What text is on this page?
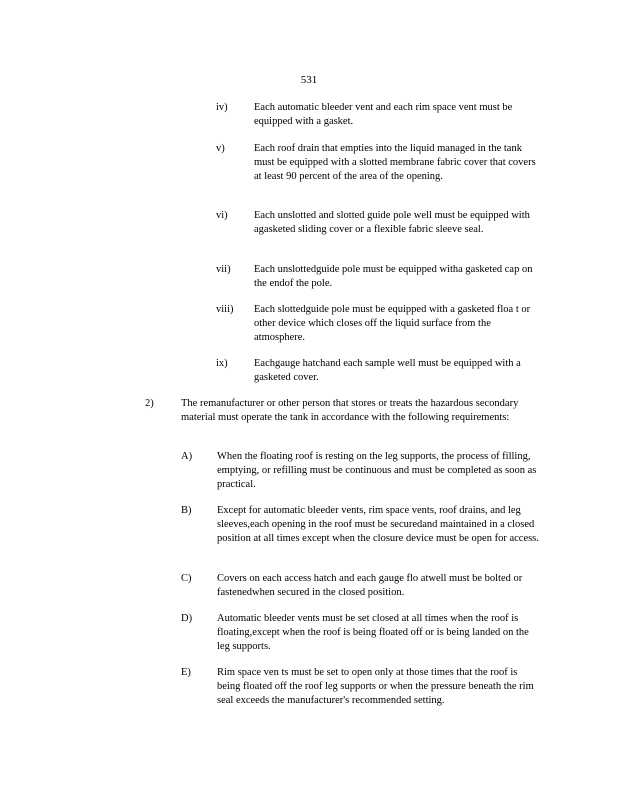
531
iv)	Each automatic bleeder vent and each rim space vent must be equipped with a gasket.
v)	Each roof drain that empties into the liquid managed in the tank must be equipped with a slotted membrane fabric cover that covers at least 90 percent of the area of the opening.
vi)	Each unslotted and slotted guide pole well must be equipped with agasketed sliding cover or a flexible fabric sleeve seal.
vii) Each unslottedguide pole must be equipped witha gasketed cap on the endof the pole.
viii) Each slottedguide pole must be equipped with a gasketed floa t or other device which closes off the liquid surface from the atmosphere.
ix)	Eachgauge hatchand each sample well must be equipped with a gasketed cover.
2)	The remanufacturer or other person that stores or treats the hazardous secondary material must operate the tank in accordance with the following requirements:
A) When the floating roof is resting on the leg supports, the process of filling, emptying, or refilling must be continuous and must be completed as soon as practical.
B) Except for automatic bleeder vents, rim space vents, roof drains, and leg sleeves,each opening in the roof must be securedand maintained in a closed position at all times except when the closure device must be open for access.
C) Covers on each access hatch and each gauge flo atwell must be bolted or fastenedwhen secured in the closed position.
D) Automatic bleeder vents must be set closed at all times when the roof is floating,except when the roof is being floated off or is being landed on the leg supports.
E) Rim space ven ts must be set to open only at those times that the roof is being floated off the roof leg supports or when the pressure beneath the rim seal exceeds the manufacturer's recommended setting.
